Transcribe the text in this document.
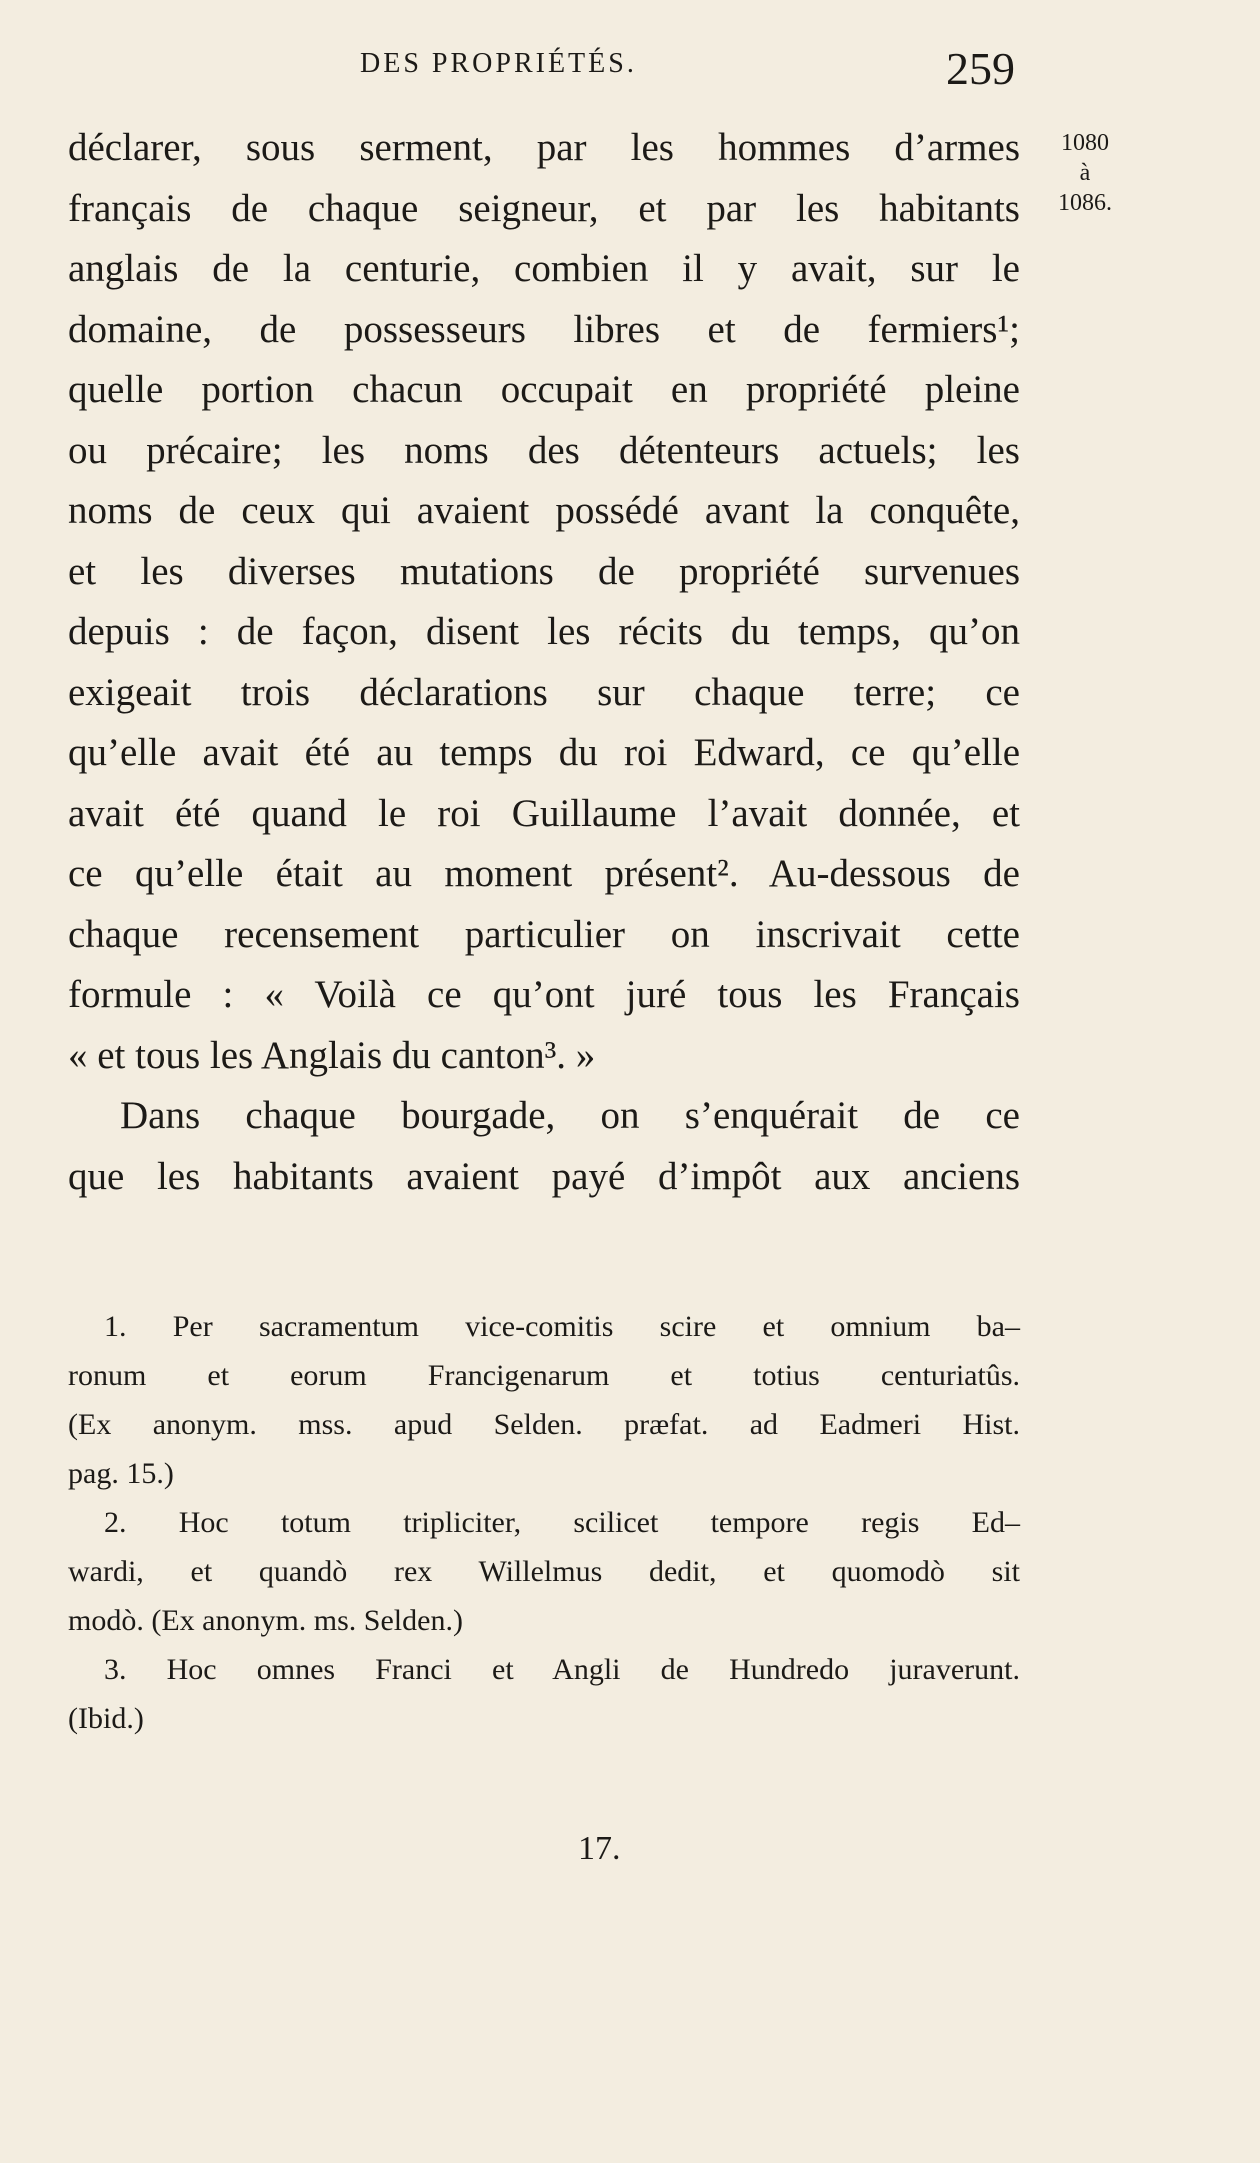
DES PROPRIÉTÉS.	259
1080
à
1086.
déclarer, sous serment, par les hommes d’armes
français de chaque seigneur, et par les habitants
anglais de la centurie, combien il y avait, sur le
domaine, de possesseurs libres et de fermiers¹;
quelle portion chacun occupait en propriété pleine
ou précaire; les noms des détenteurs actuels; les
noms de ceux qui avaient possédé avant la conquête,
et les diverses mutations de propriété survenues
depuis : de façon, disent les récits du temps, qu’on
exigeait trois déclarations sur chaque terre; ce
qu’elle avait été au temps du roi Edward, ce qu’elle
avait été quand le roi Guillaume l’avait donnée, et
ce qu’elle était au moment présent². Au-dessous de
chaque recensement particulier on inscrivait cette
formule : « Voilà ce qu’ont juré tous les Français
« et tous les Anglais du canton³. »
Dans chaque bourgade, on s’enquérait de ce
que les habitants avaient payé d’impôt aux anciens
1. Per sacramentum vice-comitis scire et omnium ba–
ronum et eorum Francigenarum et totius centuriatûs.
(Ex anonym. mss. apud Selden. præfat. ad Eadmeri Hist.
pag. 15.)
2. Hoc totum tripliciter, scilicet tempore regis Ed–
wardi, et quandò rex Willelmus dedit, et quomodò sit
modò. (Ex anonym. ms. Selden.)
3. Hoc omnes Franci et Angli de Hundredo juraverunt.
(Ibid.)
17.
